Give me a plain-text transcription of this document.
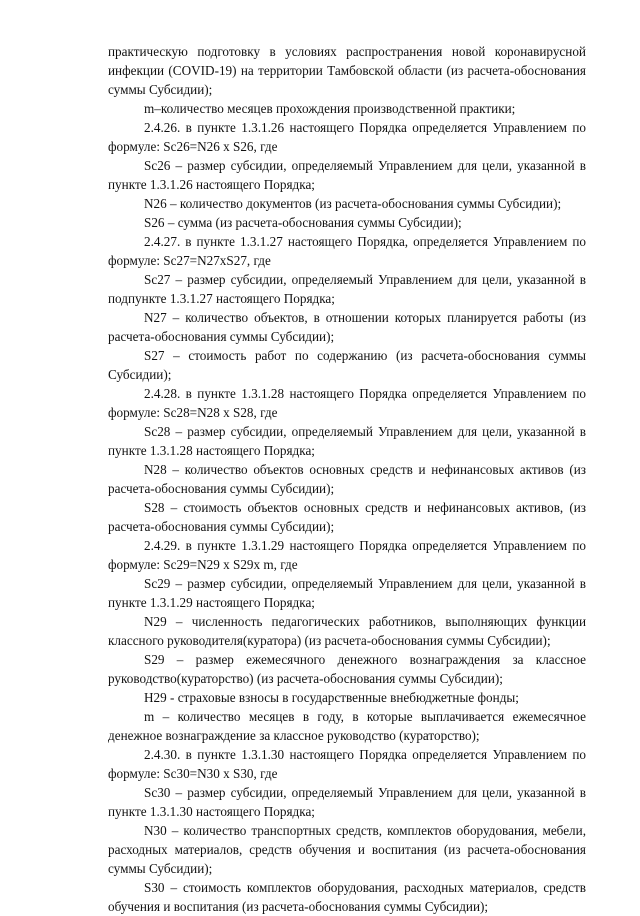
практическую подготовку в условиях распространения новой коронавирусной инфекции (COVID-19) на территории Тамбовской области (из расчета-обоснования суммы Субсидии);

m–количество месяцев прохождения производственной практики;

2.4.26. в пункте 1.3.1.26 настоящего Порядка определяется Управлением по формуле: Sc26=N26 x S26, где

Sc26 – размер субсидии, определяемый Управлением для цели, указанной в пункте 1.3.1.26 настоящего Порядка;

N26 – количество документов (из расчета-обоснования суммы Субсидии);

S26 – сумма (из расчета-обоснования суммы Субсидии);

2.4.27. в пункте 1.3.1.27 настоящего Порядка, определяется Управлением по формуле: Sc27=N27xS27, где

Sc27 – размер субсидии, определяемый Управлением для цели, указанной в подпункте 1.3.1.27 настоящего Порядка;

N27 – количество объектов, в отношении которых планируется работы (из расчета-обоснования суммы Субсидии);

S27 – стоимость работ по содержанию (из расчета-обоснования суммы Субсидии);

2.4.28. в пункте 1.3.1.28 настоящего Порядка определяется Управлением по формуле: Sc28=N28 x S28, где

Sc28 – размер субсидии, определяемый Управлением для цели, указанной в пункте 1.3.1.28 настоящего Порядка;

N28 – количество объектов основных средств и нефинансовых активов (из расчета-обоснования суммы Субсидии);

S28 – стоимость объектов основных средств и нефинансовых активов, (из расчета-обоснования суммы Субсидии);

2.4.29. в пункте 1.3.1.29 настоящего Порядка определяется Управлением по формуле: Sc29=N29 x S29x m, где

Sc29 – размер субсидии, определяемый Управлением для цели, указанной в пункте 1.3.1.29 настоящего Порядка;

N29 – численность педагогических работников, выполняющих функции классного руководителя(куратора) (из расчета-обоснования суммы Субсидии);

S29 – размер ежемесячного денежного вознаграждения за классное руководство(кураторство) (из расчета-обоснования суммы Субсидии);

H29 - страховые взносы в государственные внебюджетные фонды;

m – количество месяцев в году, в которые выплачивается ежемесячное денежное вознаграждение за классное руководство (кураторство);

2.4.30. в пункте 1.3.1.30 настоящего Порядка определяется Управлением по формуле: Sc30=N30 x S30, где

Sc30 – размер субсидии, определяемый Управлением для цели, указанной в пункте 1.3.1.30 настоящего Порядка;

N30 – количество транспортных средств, комплектов оборудования, мебели, расходных материалов, средств обучения и воспитания (из расчета-обоснования суммы Субсидии);

S30 – стоимость комплектов оборудования, расходных материалов, средств обучения и воспитания (из расчета-обоснования суммы Субсидии);
